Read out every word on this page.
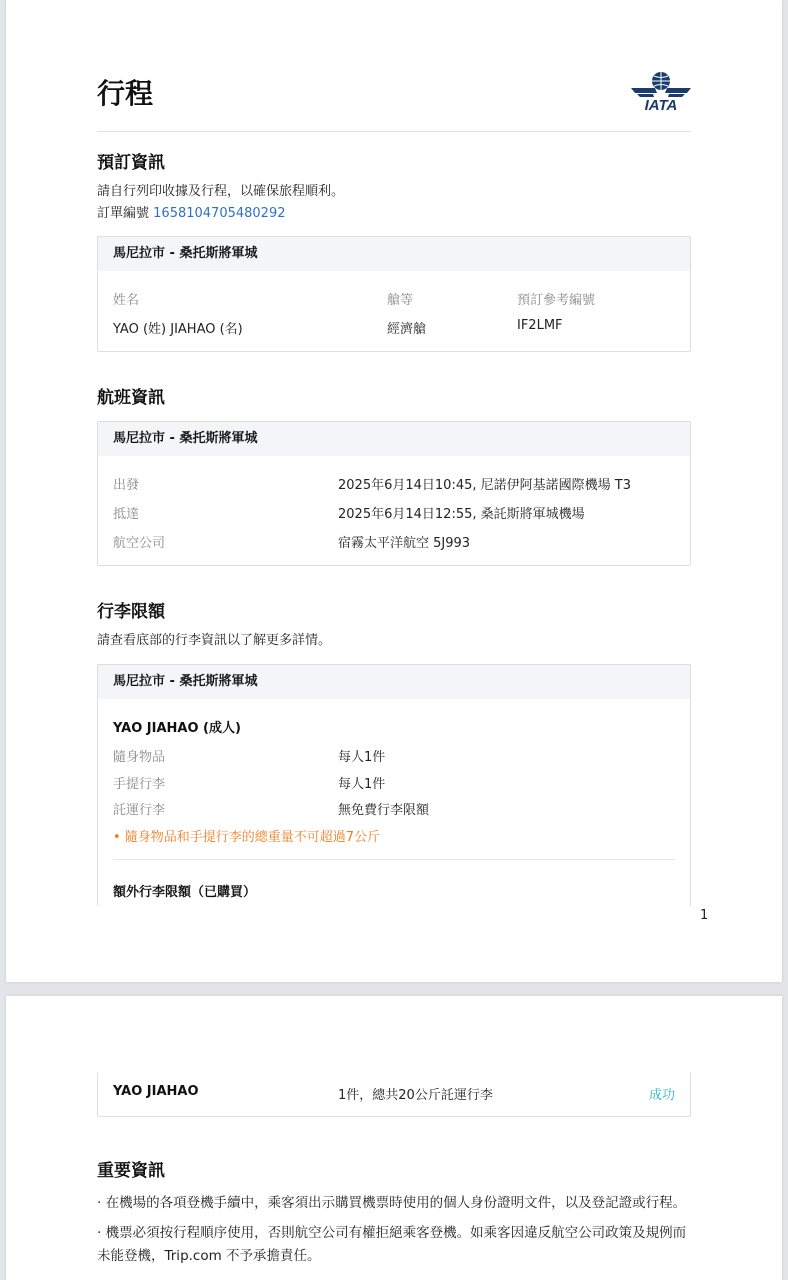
行程	IATA
預訂資訊
請自行列印收據及行程，以確保旅程順利。
訂單編號 1658104705480292
馬尼拉市 - 桑托斯將軍城
姓名	艙等	預訂參考編號
YAO (姓) JIAHAO (名)	經濟艙	IF2LMF
航班資訊
馬尼拉市 - 桑托斯將軍城
出發	2025年6月14日10:45, 尼諾伊阿基諾國際機場 T3
抵達	2025年6月14日12:55, 桑託斯將軍城機場
航空公司	宿霧太平洋航空 5J993
行李限額
請查看底部的行李資訊以了解更多詳情。
馬尼拉市 - 桑托斯將軍城
YAO JIAHAO (成人)
隨身物品	每人1件
手提行李	每人1件
託運行李	無免費行李限額
• 隨身物品和手提行李的總重量不可超過7公斤
額外行李限額（已購買）
1
YAO JIAHAO	1件，總共20公斤託運行李	成功
重要資訊
· 在機場的各項登機手續中，乘客須出示購買機票時使用的個人身份證明文件，以及登記證或行程。
· 機票必須按行程順序使用，否則航空公司有權拒絕乘客登機。如乘客因違反航空公司政策及規例而未能登機，Trip.com 不予承擔責任。
